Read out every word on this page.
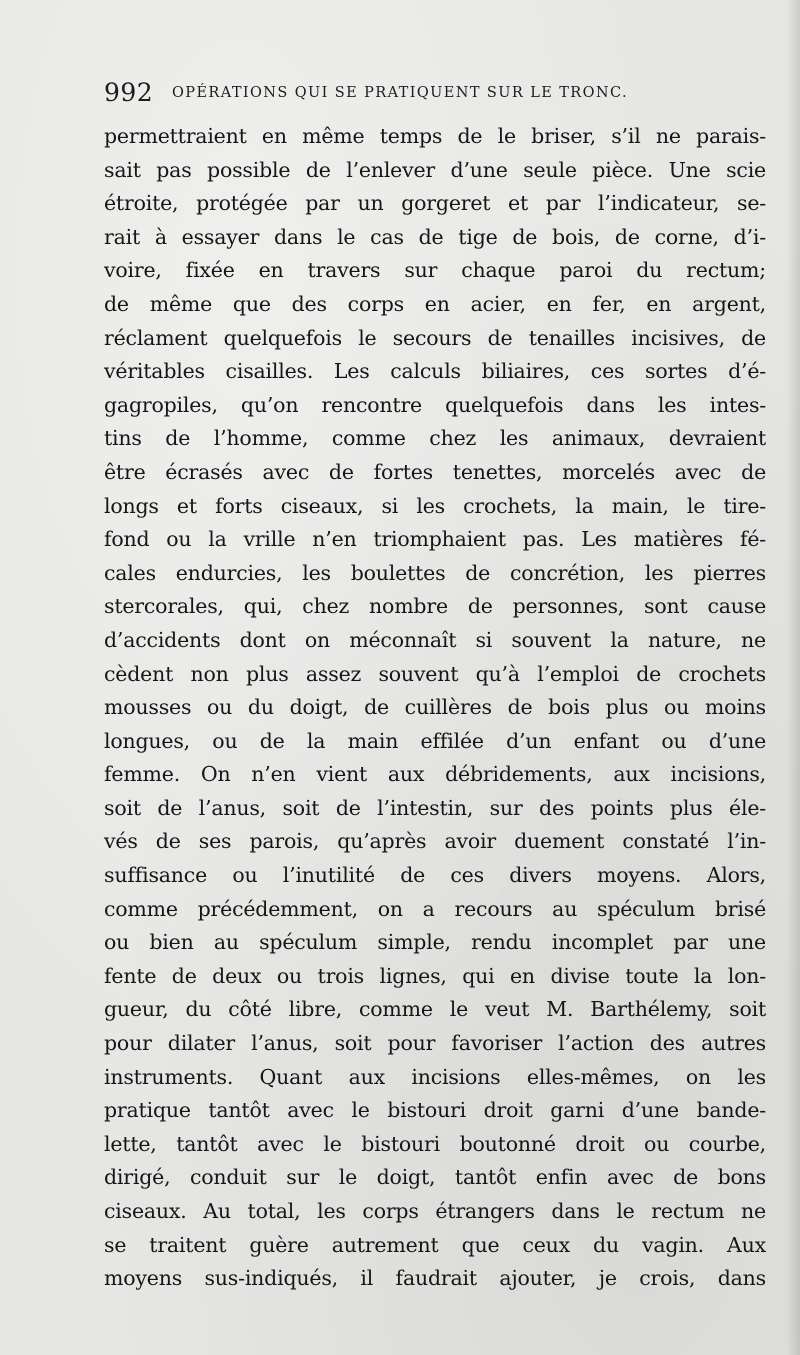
992 OPÉRATIONS QUI SE PRATIQUENT SUR LE TRONC.
permettraient en même temps de le briser, s’il ne parais-
sait pas possible de l’enlever d’une seule pièce. Une scie
étroite, protégée par un gorgeret et par l’indicateur, se-
rait à essayer dans le cas de tige de bois, de corne, d’i-
voire, fixée en travers sur chaque paroi du rectum;
de même que des corps en acier, en fer, en argent,
réclament quelquefois le secours de tenailles incisives, de
véritables cisailles. Les calculs biliaires, ces sortes d’é-
gagropiles, qu’on rencontre quelquefois dans les intes-
tins de l’homme, comme chez les animaux, devraient
être écrasés avec de fortes tenettes, morcelés avec de
longs et forts ciseaux, si les crochets, la main, le tire-
fond ou la vrille n’en triomphaient pas. Les matières fé-
cales endurcies, les boulettes de concrétion, les pierres
stercorales, qui, chez nombre de personnes, sont cause
d’accidents dont on méconnaît si souvent la nature, ne
cèdent non plus assez souvent qu’à l’emploi de crochets
mousses ou du doigt, de cuillères de bois plus ou moins
longues, ou de la main effilée d’un enfant ou d’une
femme. On n’en vient aux débridements, aux incisions,
soit de l’anus, soit de l’intestin, sur des points plus éle-
vés de ses parois, qu’après avoir duement constaté l’in-
suffisance ou l’inutilité de ces divers moyens. Alors,
comme précédemment, on a recours au spéculum brisé
ou bien au spéculum simple, rendu incomplet par une
fente de deux ou trois lignes, qui en divise toute la lon-
gueur, du côté libre, comme le veut M. Barthélemy, soit
pour dilater l’anus, soit pour favoriser l’action des autres
instruments. Quant aux incisions elles-mêmes, on les
pratique tantôt avec le bistouri droit garni d’une bande-
lette, tantôt avec le bistouri boutonné droit ou courbe,
dirigé, conduit sur le doigt, tantôt enfin avec de bons
ciseaux. Au total, les corps étrangers dans le rectum ne
se traitent guère autrement que ceux du vagin. Aux
moyens sus-indiqués, il faudrait ajouter, je crois, dans
